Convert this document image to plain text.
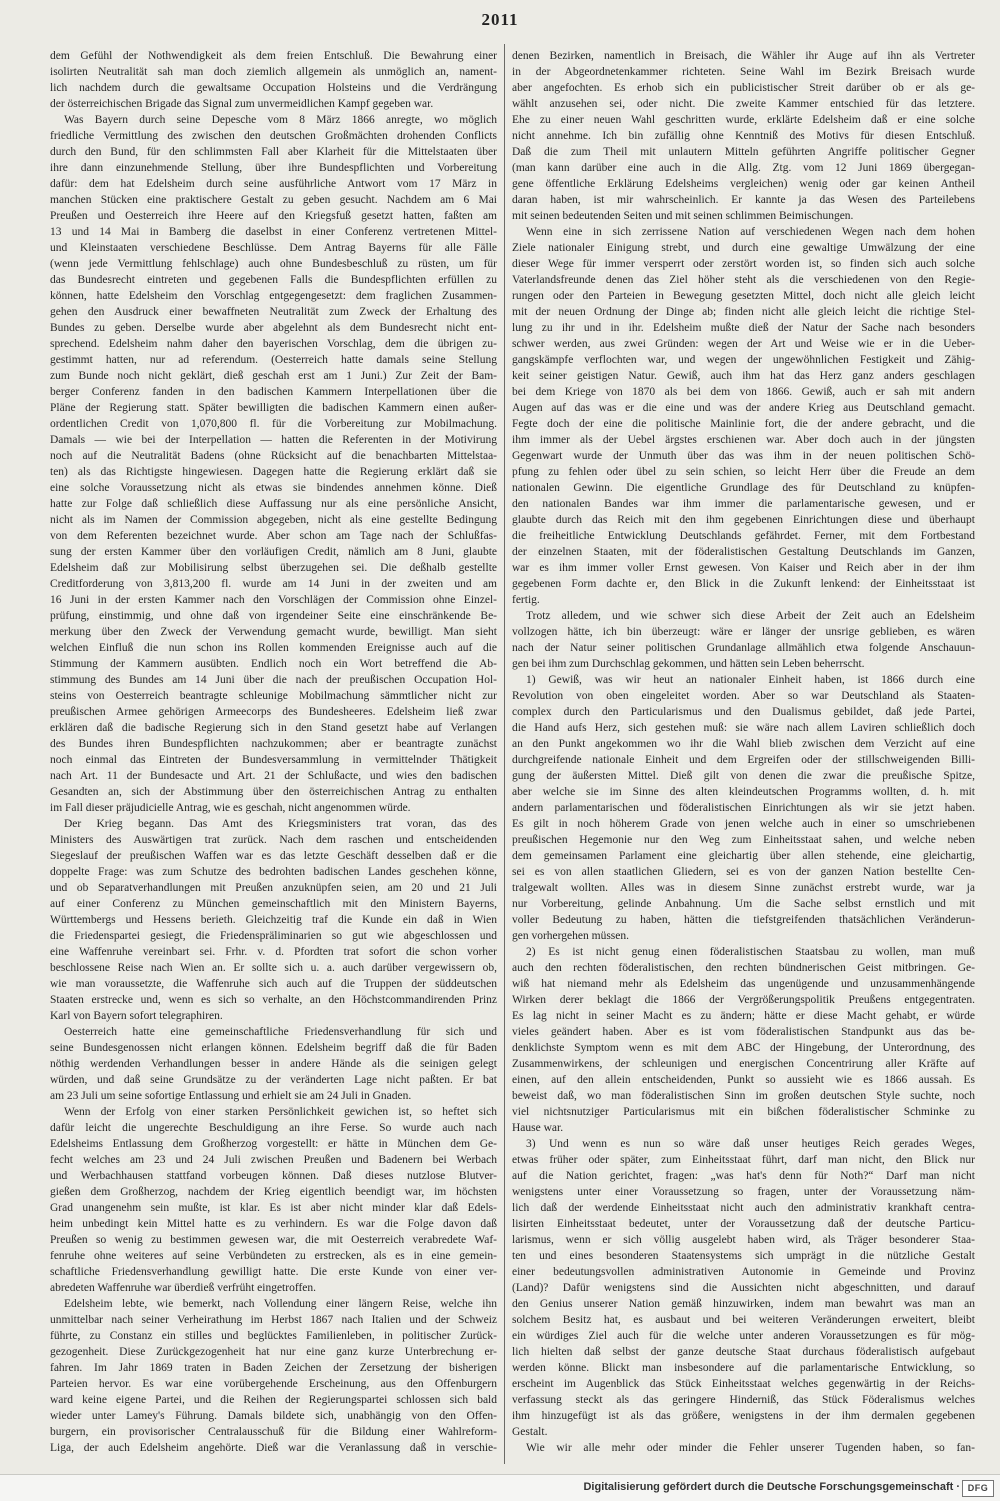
2011
dem Gefühl der Nothwendigkeit als dem freien Entschluß. Die Bewahrung einer
isolirten Neutralität sah man doch ziemlich allgemein als unmöglich an, nament-
lich nachdem durch die gewaltsame Occupation Holsteins und die Verdrängung
der österreichischen Brigade das Signal zum unvermeidlichen Kampf gegeben war.
Was Bayern durch seine Depesche vom 8 März 1866 anregte, wo möglich
friedliche Vermittlung des zwischen den deutschen Großmächten drohenden Conflicts
durch den Bund, für den schlimmsten Fall aber Klarheit für die Mittelstaaten über
ihre dann einzunehmende Stellung, über ihre Bundespflichten und Vorbereitung
dafür: dem hat Edelsheim durch seine ausführliche Antwort vom 17 März in
manchen Stücken eine praktischere Gestalt zu geben gesucht. Nachdem am 6 Mai
Preußen und Oesterreich ihre Heere auf den Kriegsfuß gesetzt hatten, faßten am
13 und 14 Mai in Bamberg die daselbst in einer Conferenz vertretenen Mittel-
und Kleinstaaten verschiedene Beschlüsse. Dem Antrag Bayerns für alle Fälle
(wenn jede Vermittlung fehlschlage) auch ohne Bundesbeschluß zu rüsten, um für
das Bundesrecht eintreten und gegebenen Falls die Bundespflichten erfüllen zu
können, hatte Edelsheim den Vorschlag entgegengesetzt: dem fraglichen Zusammen-
gehen den Ausdruck einer bewaffneten Neutralität zum Zweck der Erhaltung des
Bundes zu geben. Derselbe wurde aber abgelehnt als dem Bundesrecht nicht ent-
sprechend. Edelsheim nahm daher den bayerischen Vorschlag, dem die übrigen zu-
gestimmt hatten, nur ad referendum. (Oesterreich hatte damals seine Stellung
zum Bunde noch nicht geklärt, dieß geschah erst am 1 Juni.) Zur Zeit der Bam-
berger Conferenz fanden in den badischen Kammern Interpellationen über die
Pläne der Regierung statt. Später bewilligten die badischen Kammern einen außer-
ordentlichen Credit von 1,070,800 fl. für die Vorbereitung zur Mobilmachung.
Damals — wie bei der Interpellation — hatten die Referenten in der Motivirung
noch auf die Neutralität Badens (ohne Rücksicht auf die benachbarten Mittelstaa-
ten) als das Richtigste hingewiesen. Dagegen hatte die Regierung erklärt daß sie
eine solche Voraussetzung nicht als etwas sie bindendes annehmen könne. Dieß
hatte zur Folge daß schließlich diese Auffassung nur als eine persönliche Ansicht,
nicht als im Namen der Commission abgegeben, nicht als eine gestellte Bedingung
von dem Referenten bezeichnet wurde. Aber schon am Tage nach der Schlußfas-
sung der ersten Kammer über den vorläufigen Credit, nämlich am 8 Juni, glaubte
Edelsheim daß zur Mobilisirung selbst überzugehen sei. Die deßhalb gestellte
Creditforderung von 3,813,200 fl. wurde am 14 Juni in der zweiten und am
16 Juni in der ersten Kammer nach den Vorschlägen der Commission ohne Einzel-
prüfung, einstimmig, und ohne daß von irgendeiner Seite eine einschränkende Be-
merkung über den Zweck der Verwendung gemacht wurde, bewilligt. Man sieht
welchen Einfluß die nun schon ins Rollen kommenden Ereignisse auch auf die
Stimmung der Kammern ausübten. Endlich noch ein Wort betreffend die Ab-
stimmung des Bundes am 14 Juni über die nach der preußischen Occupation Hol-
steins von Oesterreich beantragte schleunige Mobilmachung sämmtlicher nicht zur
preußischen Armee gehörigen Armeecorps des Bundesheeres. Edelsheim ließ zwar
erklären daß die badische Regierung sich in den Stand gesetzt habe auf Verlangen
des Bundes ihren Bundespflichten nachzukommen; aber er beantragte zunächst
noch einmal das Eintreten der Bundesversammlung in vermittelnder Thätigkeit
nach Art. 11 der Bundesacte und Art. 21 der Schlußacte, und wies den badischen
Gesandten an, sich der Abstimmung über den österreichischen Antrag zu enthalten
im Fall dieser präjudicielle Antrag, wie es geschah, nicht angenommen würde.
Der Krieg begann. Das Amt des Kriegsministers trat voran, das des
Ministers des Auswärtigen trat zurück. Nach dem raschen und entscheidenden
Siegeslauf der preußischen Waffen war es das letzte Geschäft desselben daß er die
doppelte Frage: was zum Schutze des bedrohten badischen Landes geschehen könne,
und ob Separatverhandlungen mit Preußen anzuknüpfen seien, am 20 und 21 Juli
auf einer Conferenz zu München gemeinschaftlich mit den Ministern Bayerns,
Württembergs und Hessens berieth. Gleichzeitig traf die Kunde ein daß in Wien
die Friedenspartei gesiegt, die Friedenspräliminarien so gut wie abgeschlossen und
eine Waffenruhe vereinbart sei. Frhr. v. d. Pfordten trat sofort die schon vorher
beschlossene Reise nach Wien an. Er sollte sich u. a. auch darüber vergewissern ob,
wie man voraussetzte, die Waffenruhe sich auch auf die Truppen der süddeutschen
Staaten erstrecke und, wenn es sich so verhalte, an den Höchstcommandirenden Prinz
Karl von Bayern sofort telegraphiren.
Oesterreich hatte eine gemeinschaftliche Friedensverhandlung für sich und
seine Bundesgenossen nicht erlangen können. Edelsheim begriff daß die für Baden
nöthig werdenden Verhandlungen besser in andere Hände als die seinigen gelegt
würden, und daß seine Grundsätze zu der veränderten Lage nicht paßten. Er bat
am 23 Juli um seine sofortige Entlassung und erhielt sie am 24 Juli in Gnaden.
Wenn der Erfolg von einer starken Persönlichkeit gewichen ist, so heftet sich
dafür leicht die ungerechte Beschuldigung an ihre Ferse. So wurde auch nach
Edelsheims Entlassung dem Großherzog vorgestellt: er hätte in München dem Ge-
fecht welches am 23 und 24 Juli zwischen Preußen und Badenern bei Werbach
und Werbachhausen stattfand vorbeugen können. Daß dieses nutzlose Blutver-
gießen dem Großherzog, nachdem der Krieg eigentlich beendigt war, im höchsten
Grad unangenehm sein mußte, ist klar. Es ist aber nicht minder klar daß Edels-
heim unbedingt kein Mittel hatte es zu verhindern. Es war die Folge davon daß
Preußen so wenig zu bestimmen gewesen war, die mit Oesterreich verabredete Waf-
fenruhe ohne weiteres auf seine Verbündeten zu erstrecken, als es in eine gemein-
schaftliche Friedensverhandlung gewilligt hatte. Die erste Kunde von einer ver-
abredeten Waffenruhe war überdieß verfrüht eingetroffen.
Edelsheim lebte, wie bemerkt, nach Vollendung einer längern Reise, welche ihn
unmittelbar nach seiner Verheirathung im Herbst 1867 nach Italien und der Schweiz
führte, zu Constanz ein stilles und beglücktes Familienleben, in politischer Zurück-
gezogenheit. Diese Zurückgezogenheit hat nur eine ganz kurze Unterbrechung er-
fahren. Im Jahr 1869 traten in Baden Zeichen der Zersetzung der bisherigen
Parteien hervor. Es war eine vorübergehende Erscheinung, aus den Offenburgern
ward keine eigene Partei, und die Reihen der Regierungspartei schlossen sich bald
wieder unter Lamey's Führung. Damals bildete sich, unabhängig von den Offen-
burgern, ein provisorischer Centralausschuß für die Bildung einer Wahlreform-
Liga, der auch Edelsheim angehörte. Dieß war die Veranlassung daß in verschie-
denen Bezirken, namentlich in Breisach, die Wähler ihr Auge auf ihn als Vertreter
in der Abgeordnetenkammer richteten. Seine Wahl im Bezirk Breisach wurde
aber angefochten. Es erhob sich ein publicistischer Streit darüber ob er als ge-
wählt anzusehen sei, oder nicht. Die zweite Kammer entschied für das letztere.
Ehe zu einer neuen Wahl geschritten wurde, erklärte Edelsheim daß er eine solche
nicht annehme. Ich bin zufällig ohne Kenntniß des Motivs für diesen Entschluß.
Daß die zum Theil mit unlautern Mitteln geführten Angriffe politischer Gegner
(man kann darüber eine auch in die Allg. Ztg. vom 12 Juni 1869 übergegan-
gene öffentliche Erklärung Edelsheims vergleichen) wenig oder gar keinen Antheil
daran haben, ist mir wahrscheinlich. Er kannte ja das Wesen des Parteilebens
mit seinen bedeutenden Seiten und mit seinen schlimmen Beimischungen.
Wenn eine in sich zerrissene Nation auf verschiedenen Wegen nach dem hohen
Ziele nationaler Einigung strebt, und durch eine gewaltige Umwälzung der eine
dieser Wege für immer versperrt oder zerstört worden ist, so finden sich auch solche
Vaterlandsfreunde denen das Ziel höher steht als die verschiedenen von den Regie-
rungen oder den Parteien in Bewegung gesetzten Mittel, doch nicht alle gleich leicht
mit der neuen Ordnung der Dinge ab; finden nicht alle gleich leicht die richtige Stel-
lung zu ihr und in ihr. Edelsheim mußte dieß der Natur der Sache nach besonders
schwer werden, aus zwei Gründen: wegen der Art und Weise wie er in die Ueber-
gangskämpfe verflochten war, und wegen der ungewöhnlichen Festigkeit und Zähig-
keit seiner geistigen Natur. Gewiß, auch ihm hat das Herz ganz anders geschlagen
bei dem Kriege von 1870 als bei dem von 1866. Gewiß, auch er sah mit andern
Augen auf das was er die eine und was der andere Krieg aus Deutschland gemacht.
Fegte doch der eine die politische Mainlinie fort, die der andere gebracht, und die
ihm immer als der Uebel ärgstes erschienen war. Aber doch auch in der jüngsten
Gegenwart wurde der Unmuth über das was ihm in der neuen politischen Schö-
pfung zu fehlen oder übel zu sein schien, so leicht Herr über die Freude an dem
nationalen Gewinn. Die eigentliche Grundlage des für Deutschland zu knüpfen-
den nationalen Bandes war ihm immer die parlamentarische gewesen, und er
glaubte durch das Reich mit den ihm gegebenen Einrichtungen diese und überhaupt
die freiheitliche Entwicklung Deutschlands gefährdet. Ferner, mit dem Fortbestand
der einzelnen Staaten, mit der föderalistischen Gestaltung Deutschlands im Ganzen,
war es ihm immer voller Ernst gewesen. Von Kaiser und Reich aber in der ihm
gegebenen Form dachte er, den Blick in die Zukunft lenkend: der Einheitsstaat ist
fertig.
Trotz alledem, und wie schwer sich diese Arbeit der Zeit auch an Edelsheim
vollzogen hätte, ich bin überzeugt: wäre er länger der unsrige geblieben, es wären
nach der Natur seiner politischen Grundanlage allmählich etwa folgende Anschauun-
gen bei ihm zum Durchschlag gekommen, und hätten sein Leben beherrscht.
1) Gewiß, was wir heut an nationaler Einheit haben, ist 1866 durch eine
Revolution von oben eingeleitet worden. Aber so war Deutschland als Staaten-
complex durch den Particularismus und den Dualismus gebildet, daß jede Partei,
die Hand aufs Herz, sich gestehen muß: sie wäre nach allem Laviren schließlich doch
an den Punkt angekommen wo ihr die Wahl blieb zwischen dem Verzicht auf eine
durchgreifende nationale Einheit und dem Ergreifen oder der stillschweigenden Billi-
gung der äußersten Mittel. Dieß gilt von denen die zwar die preußische Spitze,
aber welche sie im Sinne des alten kleindeutschen Programms wollten, d. h. mit
andern parlamentarischen und föderalistischen Einrichtungen als wir sie jetzt haben.
Es gilt in noch höherem Grade von jenen welche auch in einer so umschriebenen
preußischen Hegemonie nur den Weg zum Einheitsstaat sahen, und welche neben
dem gemeinsamen Parlament eine gleichartig über allen stehende, eine gleichartig,
sei es von allen staatlichen Gliedern, sei es von der ganzen Nation bestellte Cen-
tralgewalt wollten. Alles was in diesem Sinne zunächst erstrebt wurde, war ja
nur Vorbereitung, gelinde Anbahnung. Um die Sache selbst ernstlich und mit
voller Bedeutung zu haben, hätten die tiefstgreifenden thatsächlichen Veränderun-
gen vorhergehen müssen.
2) Es ist nicht genug einen föderalistischen Staatsbau zu wollen, man muß
auch den rechten föderalistischen, den rechten bündnerischen Geist mitbringen. Ge-
wiß hat niemand mehr als Edelsheim das ungenügende und unzusammenhängende
Wirken derer beklagt die 1866 der Vergrößerungspolitik Preußens entgegentraten.
Es lag nicht in seiner Macht es zu ändern; hätte er diese Macht gehabt, er würde
vieles geändert haben. Aber es ist vom föderalistischen Standpunkt aus das be-
denklichste Symptom wenn es mit dem ABC der Hingebung, der Unterordnung, des
Zusammenwirkens, der schleunigen und energischen Concentrirung aller Kräfte auf
einen, auf den allein entscheidenden, Punkt so aussieht wie es 1866 aussah. Es
beweist daß, wo man föderalistischen Sinn im großen deutschen Style suchte, noch
viel nichtsnutziger Particularismus mit ein bißchen föderalistischer Schminke zu
Hause war.
3) Und wenn es nun so wäre daß unser heutiges Reich gerades Weges,
etwas früher oder später, zum Einheitsstaat führt, darf man nicht, den Blick nur
auf die Nation gerichtet, fragen: „was hat's denn für Noth?“ Darf man nicht
wenigstens unter einer Voraussetzung so fragen, unter der Voraussetzung näm-
lich daß der werdende Einheitsstaat nicht auch den administrativ krankhaft centra-
lisirten Einheitsstaat bedeutet, unter der Voraussetzung daß der deutsche Particu-
larismus, wenn er sich völlig ausgelebt haben wird, als Träger besonderer Staa-
ten und eines besonderen Staatensystems sich umprägt in die nützliche Gestalt
einer bedeutungsvollen administrativen Autonomie in Gemeinde und Provinz
(Land)? Dafür wenigstens sind die Aussichten nicht abgeschnitten, und darauf
den Genius unserer Nation gemäß hinzuwirken, indem man bewahrt was man an
solchem Besitz hat, es ausbaut und bei weiteren Veränderungen erweitert, bleibt
ein würdiges Ziel auch für die welche unter anderen Voraussetzungen es für mög-
lich hielten daß selbst der ganze deutsche Staat durchaus föderalistisch aufgebaut
werden könne. Blickt man insbesondere auf die parlamentarische Entwicklung, so
erscheint im Augenblick das Stück Einheitsstaat welches gegenwärtig in der Reichs-
verfassung steckt als das geringere Hinderniß, das Stück Föderalismus welches
ihm hinzugefügt ist als das größere, wenigstens in der ihm dermalen gegebenen
Gestalt.
Wie wir alle mehr oder minder die Fehler unserer Tugenden haben, so fan-
Digitalisierung gefördert durch die Deutsche Forschungsgemeinschaft · DFG
